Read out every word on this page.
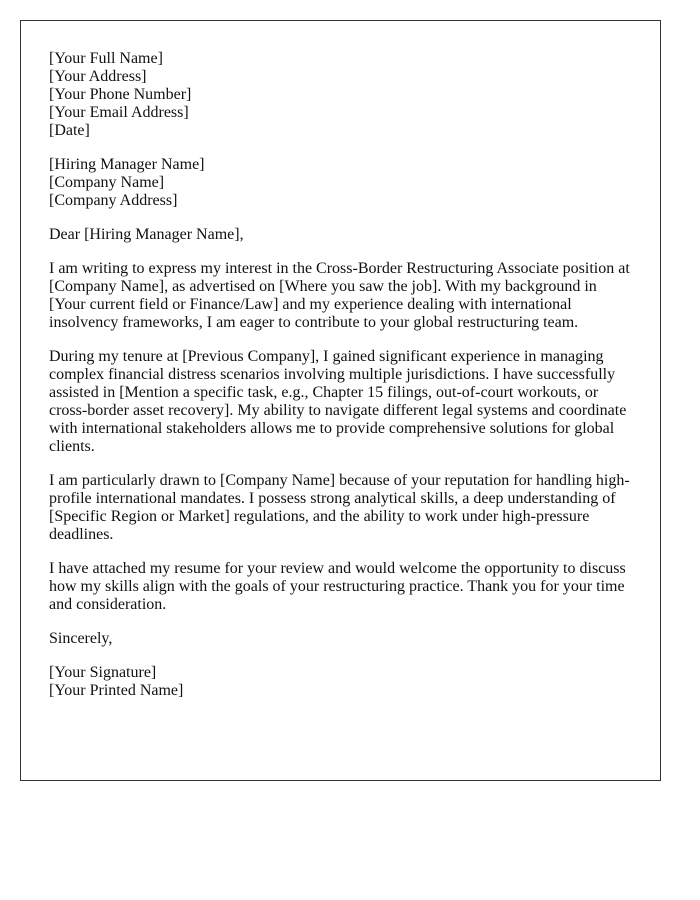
[Your Full Name]
[Your Address]
[Your Phone Number]
[Your Email Address]
[Date]
[Hiring Manager Name]
[Company Name]
[Company Address]

Dear [Hiring Manager Name],

I am writing to express my interest in the Cross-Border Restructuring Associate position at
[Company Name], as advertised on [Where you saw the job]. With my background in
[Your current field or Finance/Law] and my experience dealing with international
insolvency frameworks, I am eager to contribute to your global restructuring team.

During my tenure at [Previous Company], I gained significant experience in managing
complex financial distress scenarios involving multiple jurisdictions. I have successfully
assisted in [Mention a specific task, e.g., Chapter 15 filings, out-of-court workouts, or
cross-border asset recovery]. My ability to navigate different legal systems and coordinate
with international stakeholders allows me to provide comprehensive solutions for global
clients.

I am particularly drawn to [Company Name] because of your reputation for handling high-
profile international mandates. I possess strong analytical skills, a deep understanding of
[Specific Region or Market] regulations, and the ability to work under high-pressure
deadlines.

I have attached my resume for your review and would welcome the opportunity to discuss
how my skills align with the goals of your restructuring practice. Thank you for your time
and consideration.

Sincerely,

[Your Signature]
[Your Printed Name]
